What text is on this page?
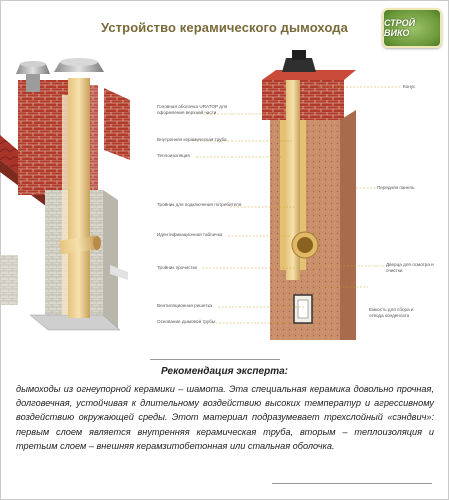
Устройство керамического дымохода	СТРОЙ ВИКО
Головная оболочка URATOP для оформления верхней части
Внутренняя керамическая труба
Теплоизоляция
Тройник для подключения потребителя
Идентификационная табличка
Тройник прочистки
Вентиляционная решетка
Основание дымовой трубы
Конус
Передняя панель
Дверца для осмотра и очистки
Емкость для сбора и отвода конденсата
Рекомендация эксперта:
дымоходы из огнеупорной керамики – шамота. Эта специальная керамика довольно прочная, долговечная, устойчивая к длительному воздействию высоких температур и агрессивному воздействию окружающей среды. Этот материал подразумевает трехслойный «сэндвич»: первым слоем является внутренняя керамическая труба, вторым – теплоизоляция и третьим слоем – внешняя керамзитобетонная или стальная оболочка.
